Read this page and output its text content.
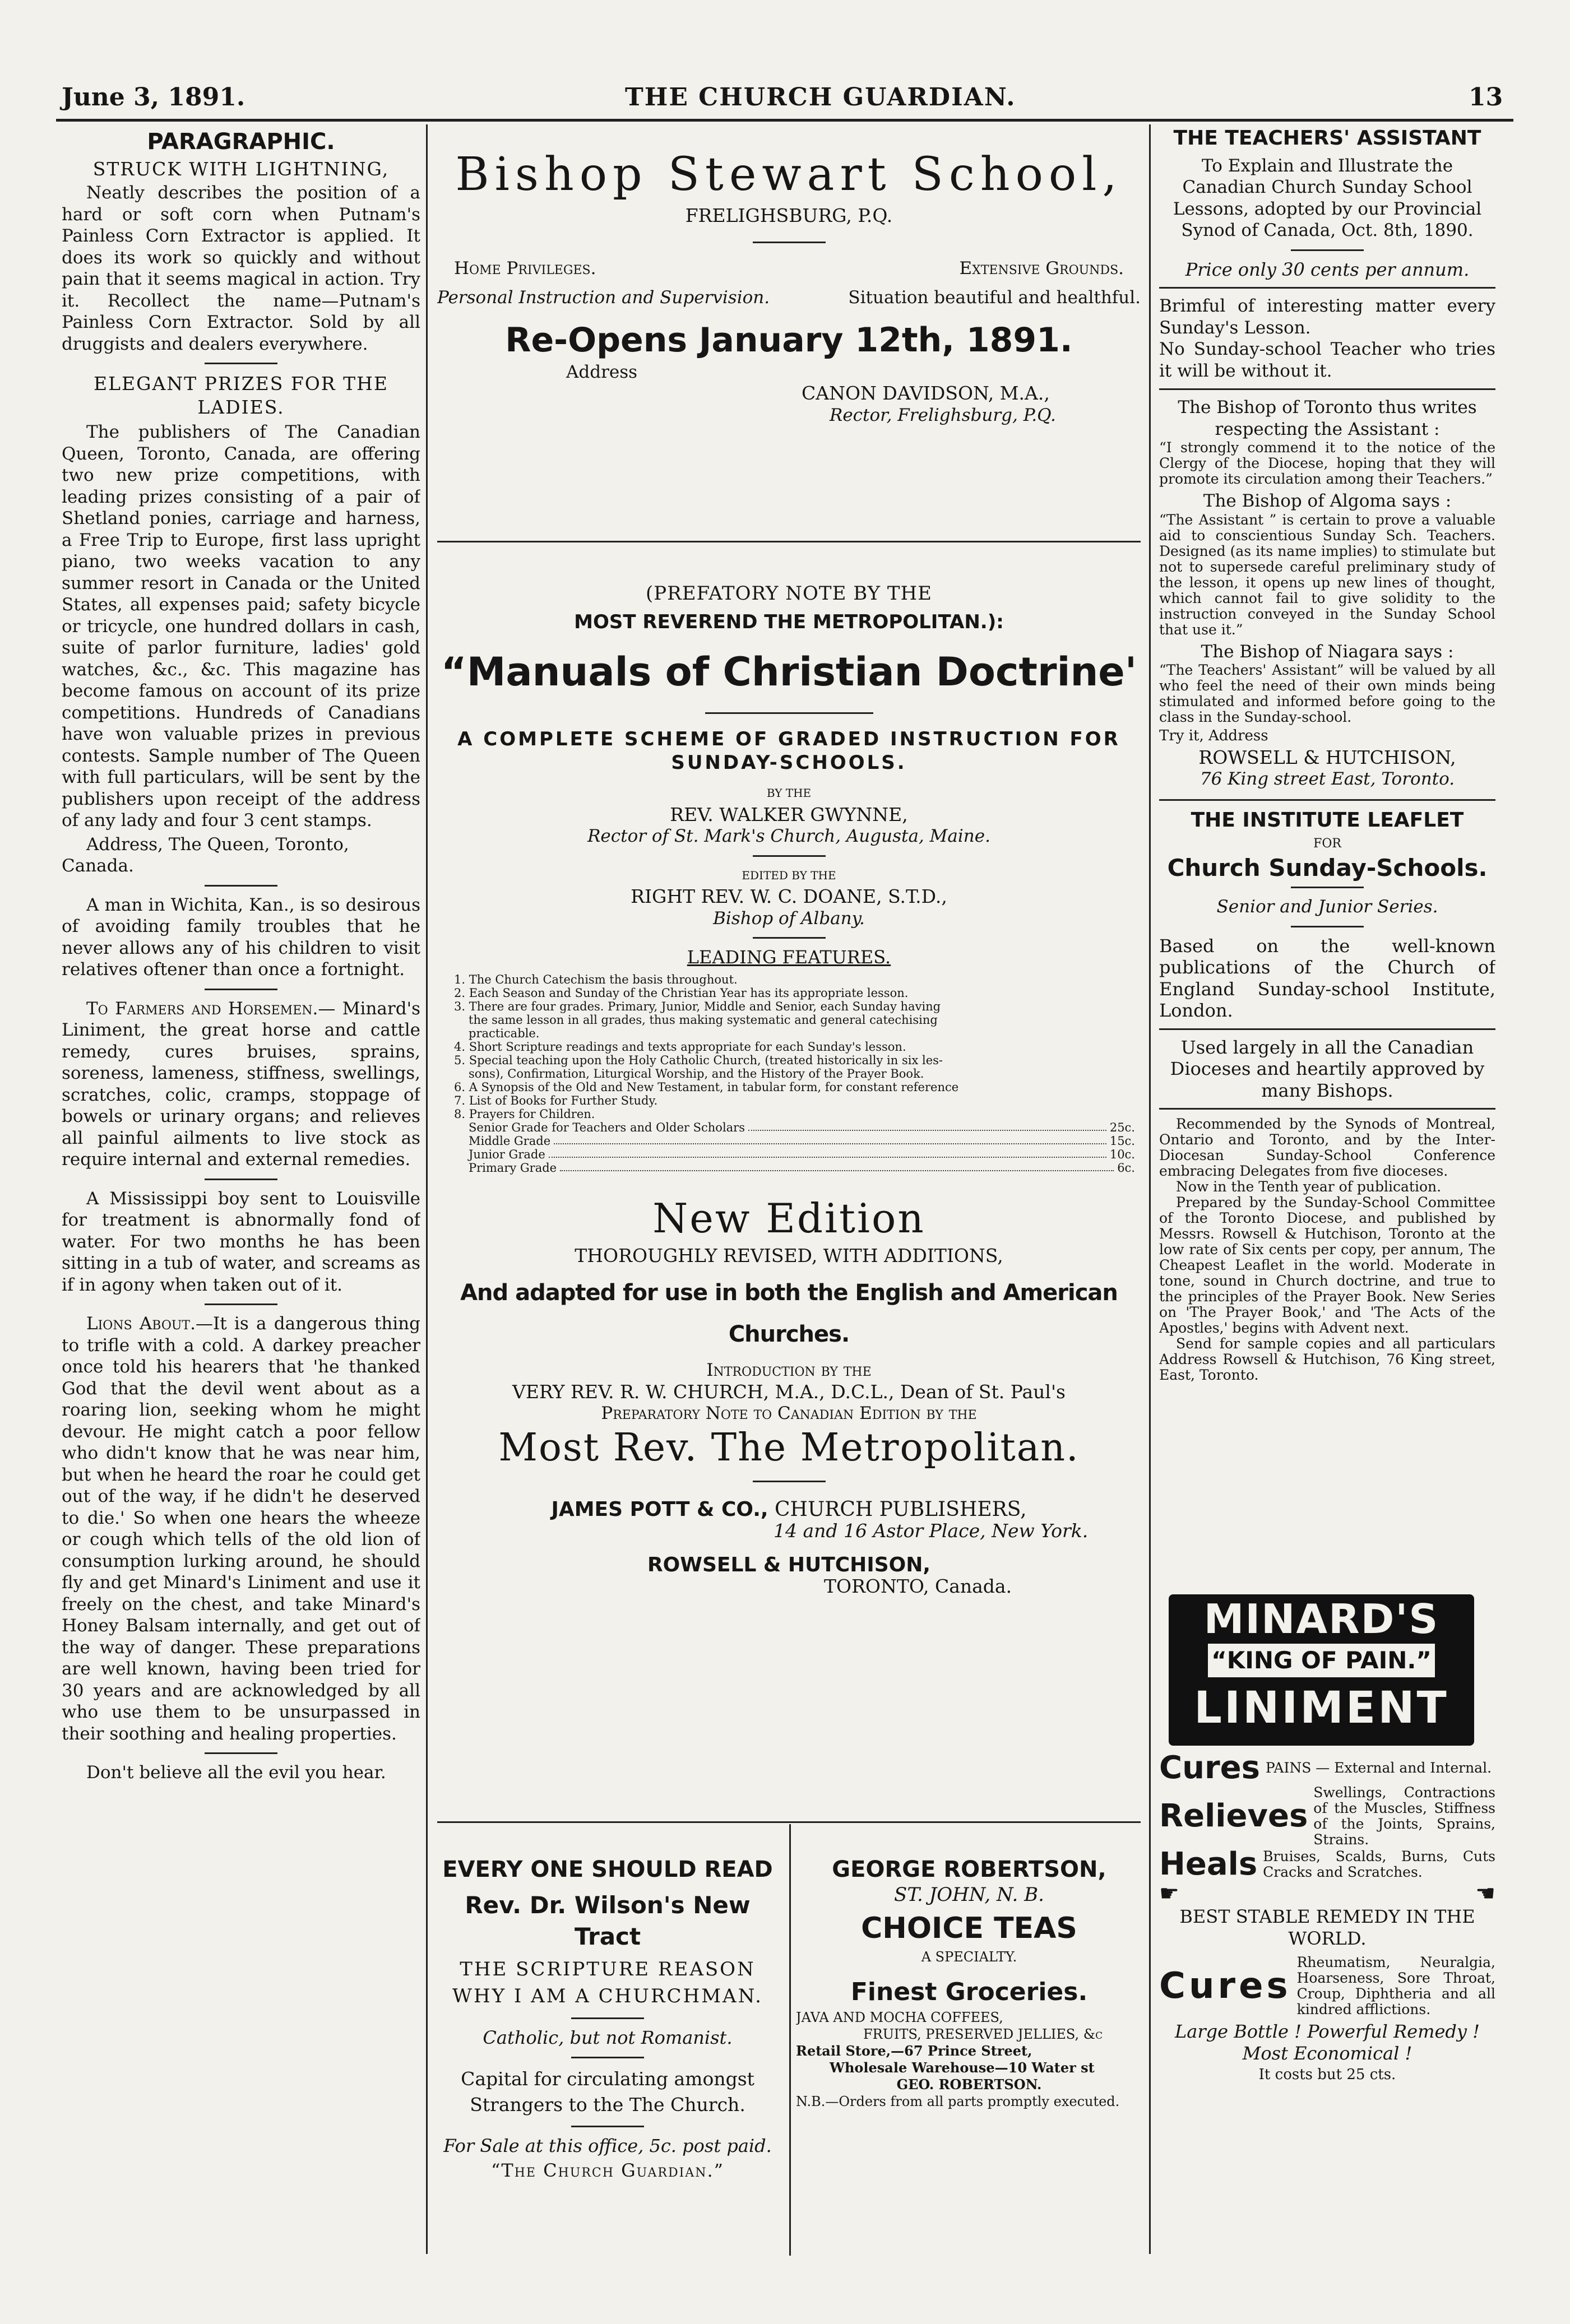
June 3, 1891.	THE CHURCH GUARDIAN.	13
PARAGRAPHIC.
STRUCK WITH LIGHTNING,

Neatly describes the position of a hard or soft corn when Putnam's Painless Corn Extractor is applied. It does its work so quickly and without pain that it seems magical in action. Try it. Recollect the name—Putnam's Painless Corn Extractor. Sold by all druggists and dealers everywhere.

ELEGANT PRIZES FOR THE LADIES.

The publishers of The Canadian Queen, Toronto, Canada, are offering two new prize competitions, with leading prizes consisting of a pair of Shetland ponies, carriage and harness, a Free Trip to Europe, first lass upright piano, two weeks vacation to any summer resort in Canada or the United States, all expenses paid; safety bicycle or tricycle, one hundred dollars in cash, suite of parlor furniture, ladies' gold watches, &c., &c. This magazine has become famous on account of its prize competitions. Hundreds of Canadians have won valuable prizes in previous contests. Sample number of The Queen with full particulars, will be sent by the publishers upon receipt of the address of any lady and four 3 cent stamps.

Address, The Queen, Toronto, Canada.

A man in Wichita, Kan., is so desirous of avoiding family troubles that he never allows any of his children to visit relatives oftener than once a fortnight.

To Farmers and Horsemen.— Minard's Liniment, the great horse and cattle remedy, cures bruises, sprains, soreness, lameness, stiffness, swellings, scratches, colic, cramps, stoppage of bowels or urinary organs; and relieves all painful ailments to live stock as require internal and external remedies.

A Mississippi boy sent to Louisville for treatment is abnormally fond of water. For two months he has been sitting in a tub of water, and screams as if in agony when taken out of it.

Lions About.—It is a dangerous thing to trifle with a cold. A darkey preacher once told his hearers that 'he thanked God that the devil went about as a roaring lion, seeking whom he might devour. He might catch a poor fellow who didn't know that he was near him, but when he heard the roar he could get out of the way, if he didn't he deserved to die.' So when one hears the wheeze or cough which tells of the old lion of consumption lurking around, he should fly and get Minard's Liniment and use it freely on the chest, and take Minard's Honey Balsam internally, and get out of the way of danger. These preparations are well known, having been tried for 30 years and are acknowledged by all who use them to be unsurpassed in their soothing and healing properties.

Don't believe all the evil you hear.

Bishop Stewart School,
FRELIGHSBURG, P.Q.
Home Privileges.	Extensive Grounds.
Personal Instruction and Supervision.	Situation beautiful and healthful.
Re-Opens January 12th, 1891.
Address
CANON DAVIDSON, M.A.,
Rector, Frelighsburg, P.Q.
(PREFATORY NOTE BY THE
MOST REVEREND THE METROPOLITAN.):
“Manuals of Christian Doctrine'
A COMPLETE SCHEME OF GRADED INSTRUCTION FOR SUNDAY-SCHOOLS.
BY THE
REV. WALKER GWYNNE,
Rector of St. Mark's Church, Augusta, Maine.
EDITED BY THE
RIGHT REV. W. C. DOANE, S.T.D.,
Bishop of Albany.
LEADING FEATURES.
1. The Church Catechism the basis throughout.
2. Each Season and Sunday of the Christian Year has its appropriate lesson.
3. There are four grades. Primary, Junior, Middle and Senior, each Sunday having
the same lesson in all grades, thus making systematic and general catechising
practicable.
4. Short Scripture readings and texts appropriate for each Sunday's lesson.
5. Special teaching upon the Holy Catholic Church, (treated historically in six les-
sons), Confirmation, Liturgical Worship, and the History of the Prayer Book.
6. A Synopsis of the Old and New Testament, in tabular form, for constant reference
7. List of Books for Further Study.
8. Prayers for Children.
Senior Grade for Teachers and Older Scholars	25c.
Middle Grade	15c.
Junior Grade	10c.
Primary Grade	6c.
New Edition
THOROUGHLY REVISED, WITH ADDITIONS,
And adapted for use in both the English and American Churches.
Introduction by the
VERY REV. R. W. CHURCH, M.A., D.C.L., Dean of St. Paul's
Preparatory Note to Canadian Edition by the
Most Rev. The Metropolitan.
JAMES POTT & CO., CHURCH PUBLISHERS,
14 and 16 Astor Place, New York.
ROWSELL & HUTCHISON,
TORONTO, Canada.
EVERY ONE SHOULD READ
Rev. Dr. Wilson's New Tract
THE SCRIPTURE REASON WHY I AM A CHURCHMAN.
Catholic, but not Romanist.
Capital for circulating amongst Strangers to the The Church.
For Sale at this office, 5c. post paid.
“The Church Guardian.”
GEORGE ROBERTSON,
ST. JOHN, N. B.
CHOICE TEAS
A SPECIALTY.
Finest Groceries.
JAVA AND MOCHA COFFEES,
FRUITS, PRESERVED JELLIES, &c
Retail Store,—67 Prince Street,
Wholesale Warehouse—10 Water st
GEO. ROBERTSON.
N.B.—Orders from all parts promptly executed.
THE TEACHERS' ASSISTANT
To Explain and Illustrate the Canadian Church Sunday School Lessons, adopted by our Provincial Synod of Canada, Oct. 8th, 1890.
Price only 30 cents per annum.
Brimful of interesting matter every Sunday's Lesson.
No Sunday-school Teacher who tries it will be without it.
The Bishop of Toronto thus writes respecting the Assistant :
“I strongly commend it to the notice of the Clergy of the Diocese, hoping that they will promote its circulation among their Teachers.”
The Bishop of Algoma says :
“The Assistant ” is certain to prove a valuable aid to conscientious Sunday Sch. Teachers. Designed (as its name implies) to stimulate but not to supersede careful preliminary study of the lesson, it opens up new lines of thought, which cannot fail to give solidity to the instruction conveyed in the Sunday School that use it.”
The Bishop of Niagara says :
“The Teachers' Assistant” will be valued by all who feel the need of their own minds being stimulated and informed before going to the class in the Sunday-school.
Try it, Address
ROWSELL & HUTCHISON,
76 King street East, Toronto.
THE INSTITUTE LEAFLET
FOR
Church Sunday-Schools.
Senior and Junior Series.
Based on the well-known publications of the Church of England Sunday-school Institute, London.
Used largely in all the Canadian Dioceses and heartily approved by many Bishops.
Recommended by the Synods of Montreal, Ontario and Toronto, and by the Inter-Diocesan Sunday-School Conference embracing Delegates from five dioceses.
Now in the Tenth year of publication.
Prepared by the Sunday-School Committee of the Toronto Diocese, and published by Messrs. Rowsell & Hutchison, Toronto at the low rate of Six cents per copy, per annum, The Cheapest Leaflet in the world. Moderate in tone, sound in Church doctrine, and true to the principles of the Prayer Book. New Series on 'The Prayer Book,' and 'The Acts of the Apostles,' begins with Advent next.
Send for sample copies and all particulars Address Rowsell & Hutchison, 76 King street, East, Toronto.
MINARD'S
“KING OF PAIN.”
LINIMENT
Cures PAINS — External and Internal.
Relieves
Swellings, Contractions of the Muscles, Stiffness of the Joints, Sprains, Strains.
Heals Bruises, Scalds, Burns, Cuts Cracks and Scratches.
☛	☚
BEST STABLE REMEDY IN THE WORLD.
Cures
Rheumatism, Neuralgia, Hoarseness, Sore Throat, Croup, Diphtheria and all kindred afflictions.
Large Bottle ! Powerful Remedy ! Most Economical !
It costs but 25 cts.
